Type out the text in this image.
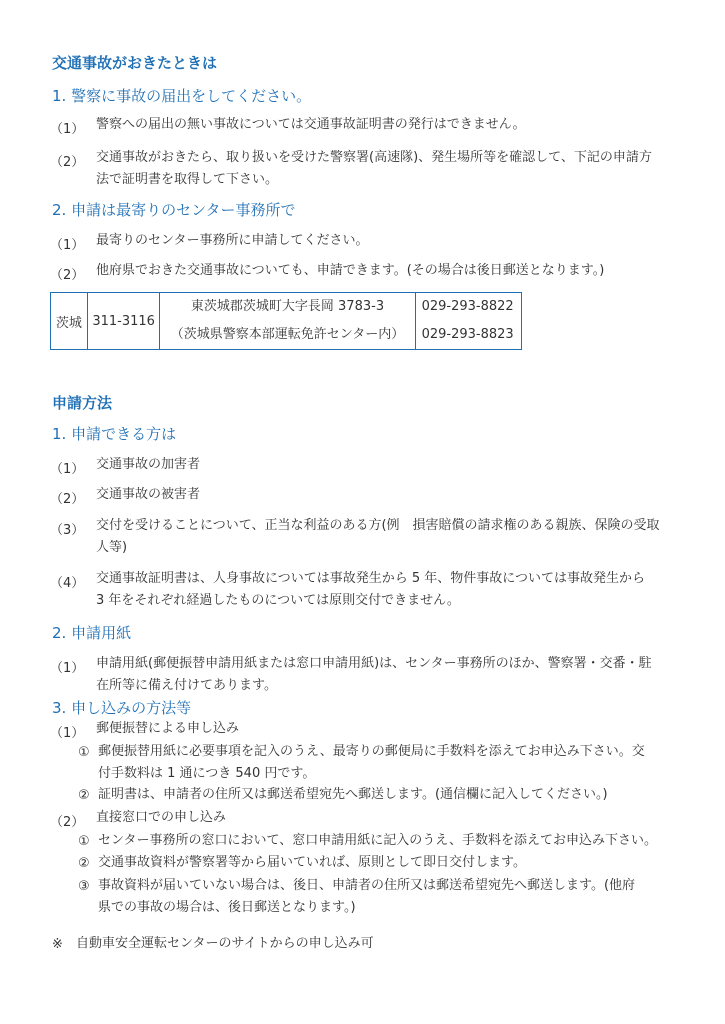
交通事故がおきたときは
1. 警察に事故の届出をしてください。
（1） 警察への届出の無い事故については交通事故証明書の発行はできません。
（2） 交通事故がおきたら、取り扱いを受けた警察署(高速隊)、発生場所等を確認して、下記の申請方
法で証明書を取得して下さい。
2. 申請は最寄りのセンター事務所で
（1） 最寄りのセンター事務所に申請してください。
（2） 他府県でおきた交通事故についても、申請できます。(その場合は後日郵送となります。)
茨城	311-3116	東茨城郡茨城町大字長岡 3783-3	029-293-8822
		（茨城県警察本部運転免許センター内）	029-293-8823
申請方法
1. 申請できる方は
（1） 交通事故の加害者
（2） 交通事故の被害者
（3） 交付を受けることについて、正当な利益のある方(例　損害賠償の請求権のある親族、保険の受取
人等)
（4） 交通事故証明書は、人身事故については事故発生から 5 年、物件事故については事故発生から
3 年をそれぞれ経過したものについては原則交付できません。
2. 申請用紙
（1） 申請用紙(郵便振替申請用紙または窓口申請用紙)は、センター事務所のほか、警察署・交番・駐
在所等に備え付けてあります。
3. 申し込みの方法等
（1） 郵便振替による申し込み
① 郵便振替用紙に必要事項を記入のうえ、最寄りの郵便局に手数料を添えてお申込み下さい。交
付手数料は 1 通につき 540 円です。
② 証明書は、申請者の住所又は郵送希望宛先へ郵送します。(通信欄に記入してください。)
（2） 直接窓口での申し込み
① センター事務所の窓口において、窓口申請用紙に記入のうえ、手数料を添えてお申込み下さい。
② 交通事故資料が警察署等から届いていれば、原則として即日交付します。
③ 事故資料が届いていない場合は、後日、申請者の住所又は郵送希望宛先へ郵送します。(他府
県での事故の場合は、後日郵送となります。)
※ 自動車安全運転センターのサイトからの申し込み可
